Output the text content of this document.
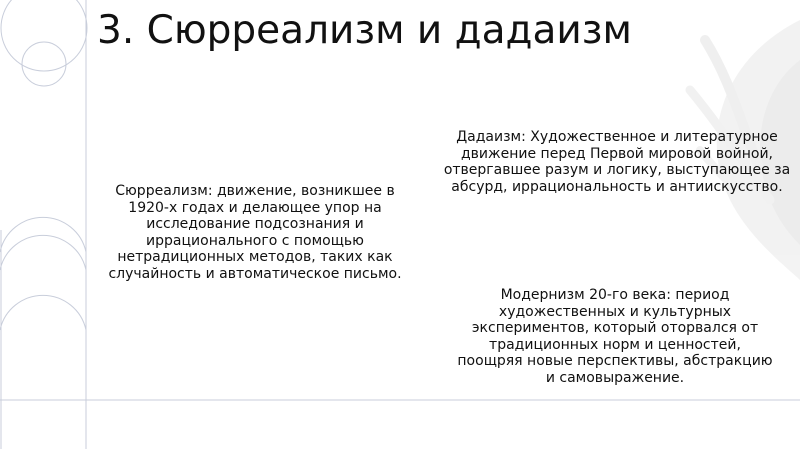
3. Сюрреализм и дадаизм
Сюрреализм: движение, возникшее в 1920-х годах и делающее упор на исследование подсознания и иррационального с помощью нетрадиционных методов, таких как случайность и автоматическое письмо.
Дадаизм: Художественное и литературное движение перед Первой мировой войной, отвергавшее разум и логику, выступающее за абсурд, иррациональность и антиискусство.
Модернизм 20-го века: период художественных и культурных экспериментов, который оторвался от традиционных норм и ценностей, поощряя новые перспективы, абстракцию и самовыражение.
